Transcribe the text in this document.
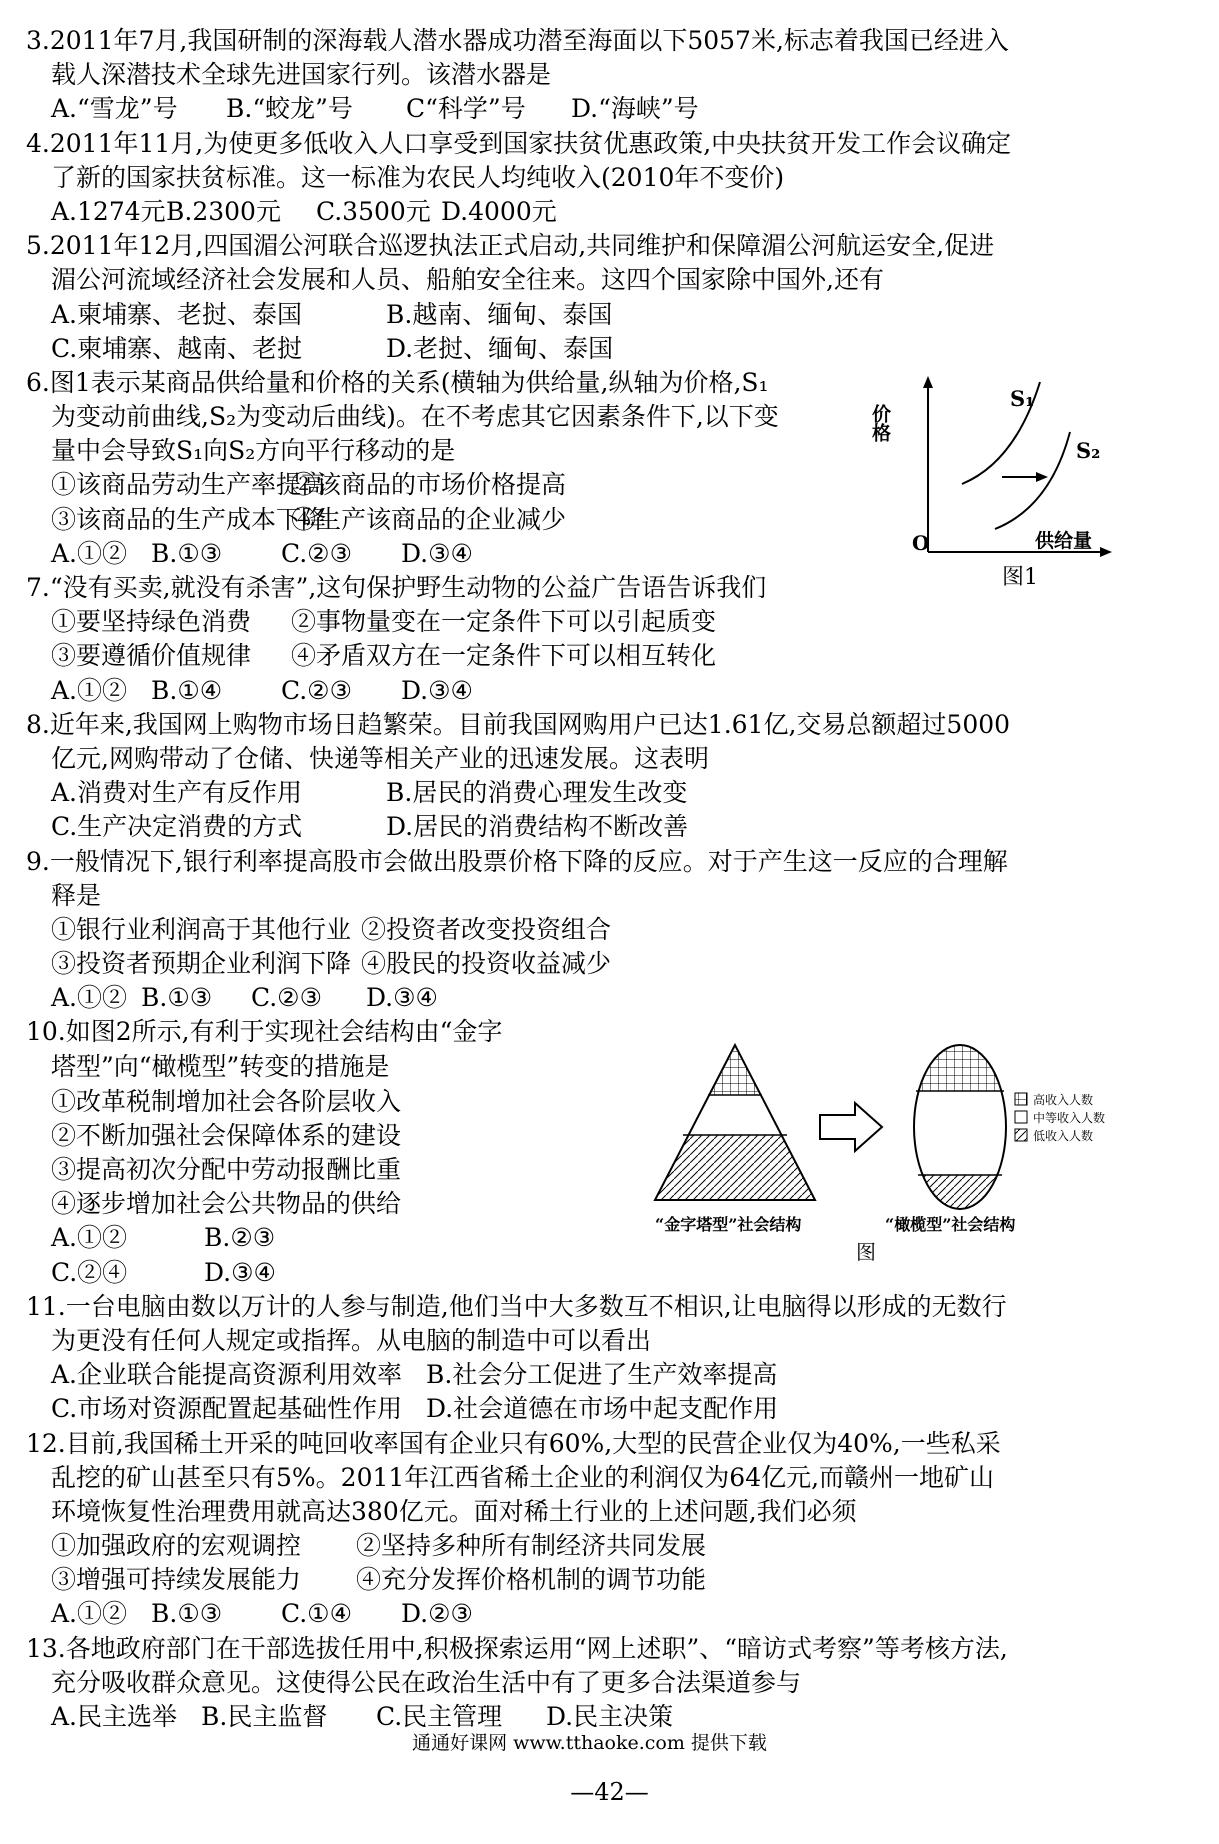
3.2011年7月,我国研制的深海载人潜水器成功潜至海面以下5057米,标志着我国已经进入
　载人深潜技术全球先进国家行列。该潜水器是
　A.“雪龙”号 B.“蛟龙”号 C“科学”号 D.“海峡”号
4.2011年11月,为使更多低收入人口享受到国家扶贫优惠政策,中央扶贫开发工作会议确定
　了新的国家扶贫标准。这一标准为农民人均纯收入(2010年不变价)
　A.1274元 B.2300元 C.3500元 D.4000元
5.2011年12月,四国湄公河联合巡逻执法正式启动,共同维护和保障湄公河航运安全,促进
　湄公河流域经济社会发展和人员、船舶安全往来。这四个国家除中国外,还有
　A.柬埔寨、老挝、泰国	B.越南、缅甸、泰国
　C.柬埔寨、越南、老挝	D.老挝、缅甸、泰国
6.图1表示某商品供给量和价格的关系(横轴为供给量,纵轴为价格,S₁
　为变动前曲线,S₂为变动后曲线)。在不考虑其它因素条件下,以下变
　量中会导致S₁向S₂方向平行移动的是
　①该商品劳动生产率提高
②该商品的市场价格提高
　③该商品的生产成本下降
④生产该商品的企业减少
　A.①② B.①③ C.②③ D.③④
7.“没有买卖,就没有杀害”,这句保护野生动物的公益广告语告诉我们
　①要坚持绿色消费 ②事物量变在一定条件下可以引起质变
　③要遵循价值规律 ④矛盾双方在一定条件下可以相互转化
　A.①② B.①④ C.②③ D.③④
8.近年来,我国网上购物市场日趋繁荣。目前我国网购用户已达1.61亿,交易总额超过5000
　亿元,网购带动了仓储、快递等相关产业的迅速发展。这表明
　A.消费对生产有反作用	B.居民的消费心理发生改变
　C.生产决定消费的方式	D.居民的消费结构不断改善
9.一般情况下,银行利率提高股市会做出股票价格下降的反应。对于产生这一反应的合理解
　释是
　①银行业利润高于其他行业 ②投资者改变投资组合
　③投资者预期企业利润下降 ④股民的投资收益减少
　A.①② B.①③ C.②③ D.③④
10.如图2所示,有利于实现社会结构由“金字
　塔型”向“橄榄型”转变的措施是
　①改革税制增加社会各阶层收入
　②不断加强社会保障体系的建设
　③提高初次分配中劳动报酬比重
　④逐步增加社会公共物品的供给
　A.①②	B.②③
　C.②④	D.③④
11.一台电脑由数以万计的人参与制造,他们当中大多数互不相识,让电脑得以形成的无数行
　为更没有任何人规定或指挥。从电脑的制造中可以看出
　A.企业联合能提高资源利用效率 B.社会分工促进了生产效率提高
　C.市场对资源配置起基础性作用 D.社会道德在市场中起支配作用
12.目前,我国稀土开采的吨回收率国有企业只有60%,大型的民营企业仅为40%,一些私采
　乱挖的矿山甚至只有5%。2011年江西省稀土企业的利润仅为64亿元,而赣州一地矿山
　环境恢复性治理费用就高达380亿元。面对稀土行业的上述问题,我们必须
　①加强政府的宏观调控 ②坚持多种所有制经济共同发展
　③增强可持续发展能力 ④充分发挥价格机制的调节功能
　A.①② B.①③ C.①④ D.②③
13.各地政府部门在干部选拔任用中,积极探索运用“网上述职”、“暗访式考察”等考核方法,
　充分吸收群众意见。这使得公民在政治生活中有了更多合法渠道参与
　A.民主选举 B.民主监督 C.民主管理 D.民主决策
价格
S₁
S₂
O	供给量
图1
高收入人数
中等收入人数
低收入人数
“金字塔型”社会结构	“橄榄型”社会结构
图
通通好课网 www.tthaoke.com 提供下载
—42—
